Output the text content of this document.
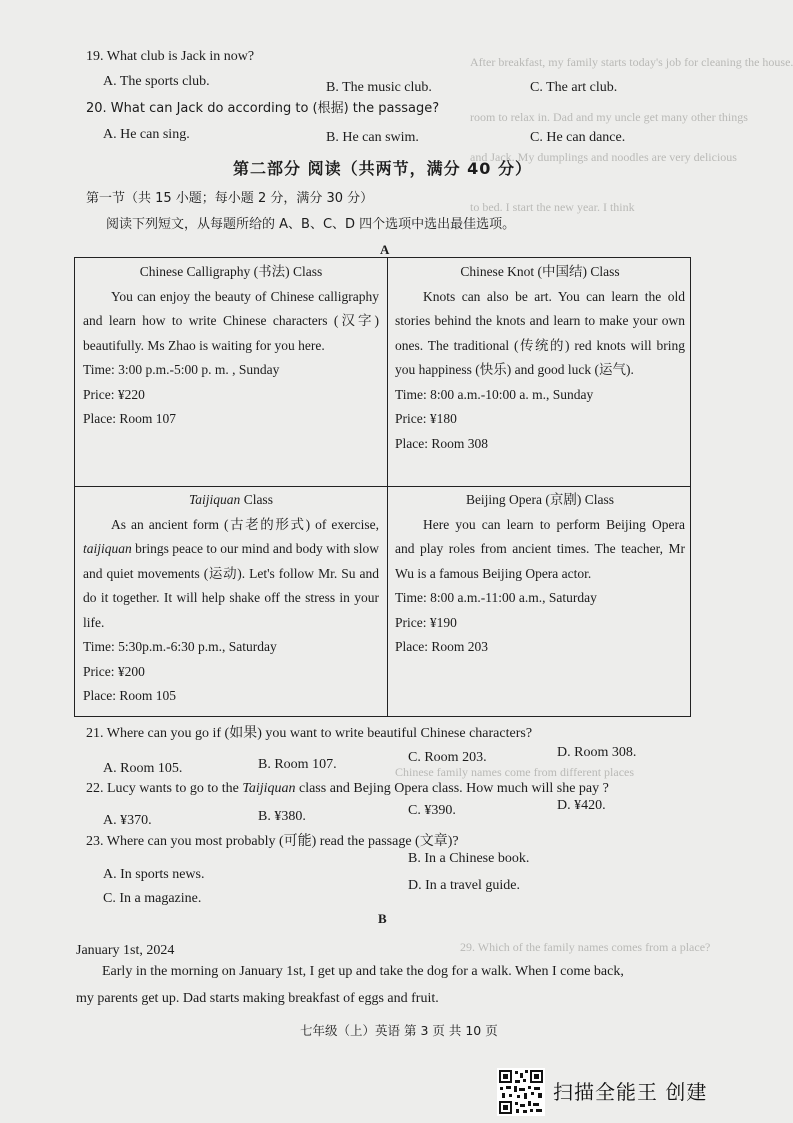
After breakfast, my family starts today's job for cleaning the house.
room to relax in. Dad and my uncle get many other things
and Jack. My dumplings and noodles are very delicious
to bed. I start the new year. I think
Chinese family names come from different places
29. Which of the family names comes from a place?
19. What club is Jack in now?
A. The sports club.	B. The music club.	C. The art club.
20. What can Jack do according to (根据) the passage?
A. He can sing.	B. He can swim.	C. He can dance.
第二部分 阅读（共两节，满分 40 分）
第一节（共 15 小题；每小题 2 分，满分 30 分）
阅读下列短文，从每题所给的 A、B、C、D 四个选项中选出最佳选项。
A
Chinese Calligraphy (书法) Class
You can enjoy the beauty of Chinese calligraphy and learn how to write Chinese characters (汉字) beautifully. Ms Zhao is waiting for you here.
Time: 3:00 p.m.-5:00 p. m. , Sunday
Price: ¥220
Place: Room 107
Chinese Knot (中国结) Class
Knots can also be art. You can learn the old stories behind the knots and learn to make your own ones. The traditional (传统的) red knots will bring you happiness (快乐) and good luck (运气).
Time: 8:00 a.m.-10:00 a. m., Sunday
Price: ¥180
Place: Room 308
Taijiquan Class
As an ancient form (古老的形式) of exercise, taijiquan brings peace to our mind and body with slow and quiet movements (运动). Let's follow Mr. Su and do it together. It will help shake off the stress in your life.
Time: 5:30p.m.-6:30 p.m., Saturday
Price: ¥200
Place: Room 105
Beijing Opera (京剧) Class
Here you can learn to perform Beijing Opera and play roles from ancient times. The teacher, Mr Wu is a famous Beijing Opera actor.
Time: 8:00 a.m.-11:00 a.m., Saturday
Price: ¥190
Place: Room 203
21. Where can you go if (如果) you want to write beautiful Chinese characters?
A. Room 105.	B. Room 107.	C. Room 203.	D. Room 308.
22. Lucy wants to go to the Taijiquan class and Bejing Opera class. How much will she pay ?
A. ¥370.	B. ¥380.	C. ¥390.	D. ¥420.
23. Where can you most probably (可能) read the passage (文章)?
A. In sports news.
B. In a Chinese book.
C. In a magazine.
D. In a travel guide.
B
January 1st, 2024
Early in the morning on January 1st, I get up and take the dog for a walk. When I come back,
my parents get up. Dad starts making breakfast of eggs and fruit.
七年级（上）英语 第 3 页 共 10 页
扫描全能王 创建
